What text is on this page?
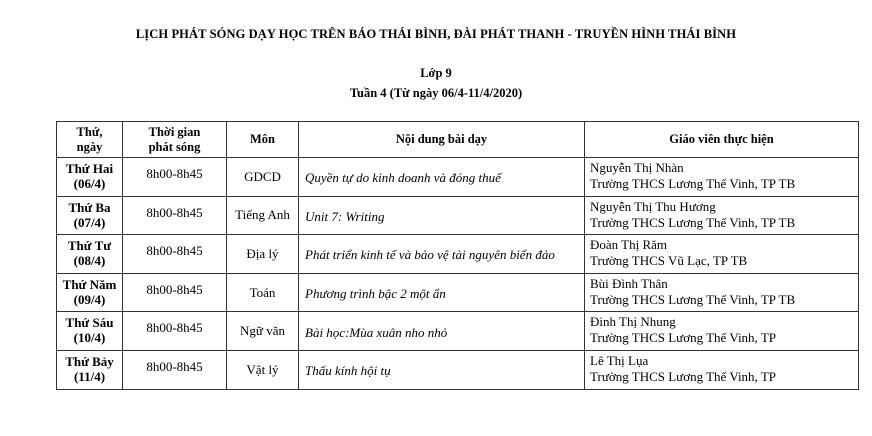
LỊCH PHÁT SÓNG DẠY HỌC TRÊN BÁO THÁI BÌNH, ĐÀI PHÁT THANH - TRUYỀN HÌNH THÁI BÌNH
Lớp 9
Tuần 4 (Từ ngày 06/4-11/4/2020)
Thứ,
ngày	Thời gian
phát sóng	Môn	Nội dung bài dạy	Giáo viên thực hiện
Thứ Hai
(06/4)	8h00-8h45	GDCD	Quyền tự do kinh doanh và đóng thuế	Nguyễn Thị Nhàn
Trường THCS Lương Thế Vinh, TP TB

Thứ Ba
(07/4)	8h00-8h45	Tiếng Anh	Unit 7: Writing	Nguyễn Thị Thu Hương
Trường THCS Lương Thế Vinh, TP TB

Thứ Tư
(08/4)	8h00-8h45	Địa lý	Phát triển kinh tế và bảo vệ tài nguyên biển đảo	Đoàn Thị Răm
Trường THCS Vũ Lạc, TP TB

Thứ Năm
(09/4)	8h00-8h45	Toán	Phương trình bậc 2 một ẩn	Bùi Đình Thân
Trường THCS Lương Thế Vinh, TP TB

Thứ Sáu
(10/4)	8h00-8h45	Ngữ văn	Bài học:Mùa xuân nho nhỏ	Đinh Thị Nhung
Trường THCS Lương Thế Vinh, TP

Thứ Bảy
(11/4)	8h00-8h45	Vật lý	Thấu kính hội tụ	Lê Thị Lụa
Trường THCS Lương Thế Vinh, TP
